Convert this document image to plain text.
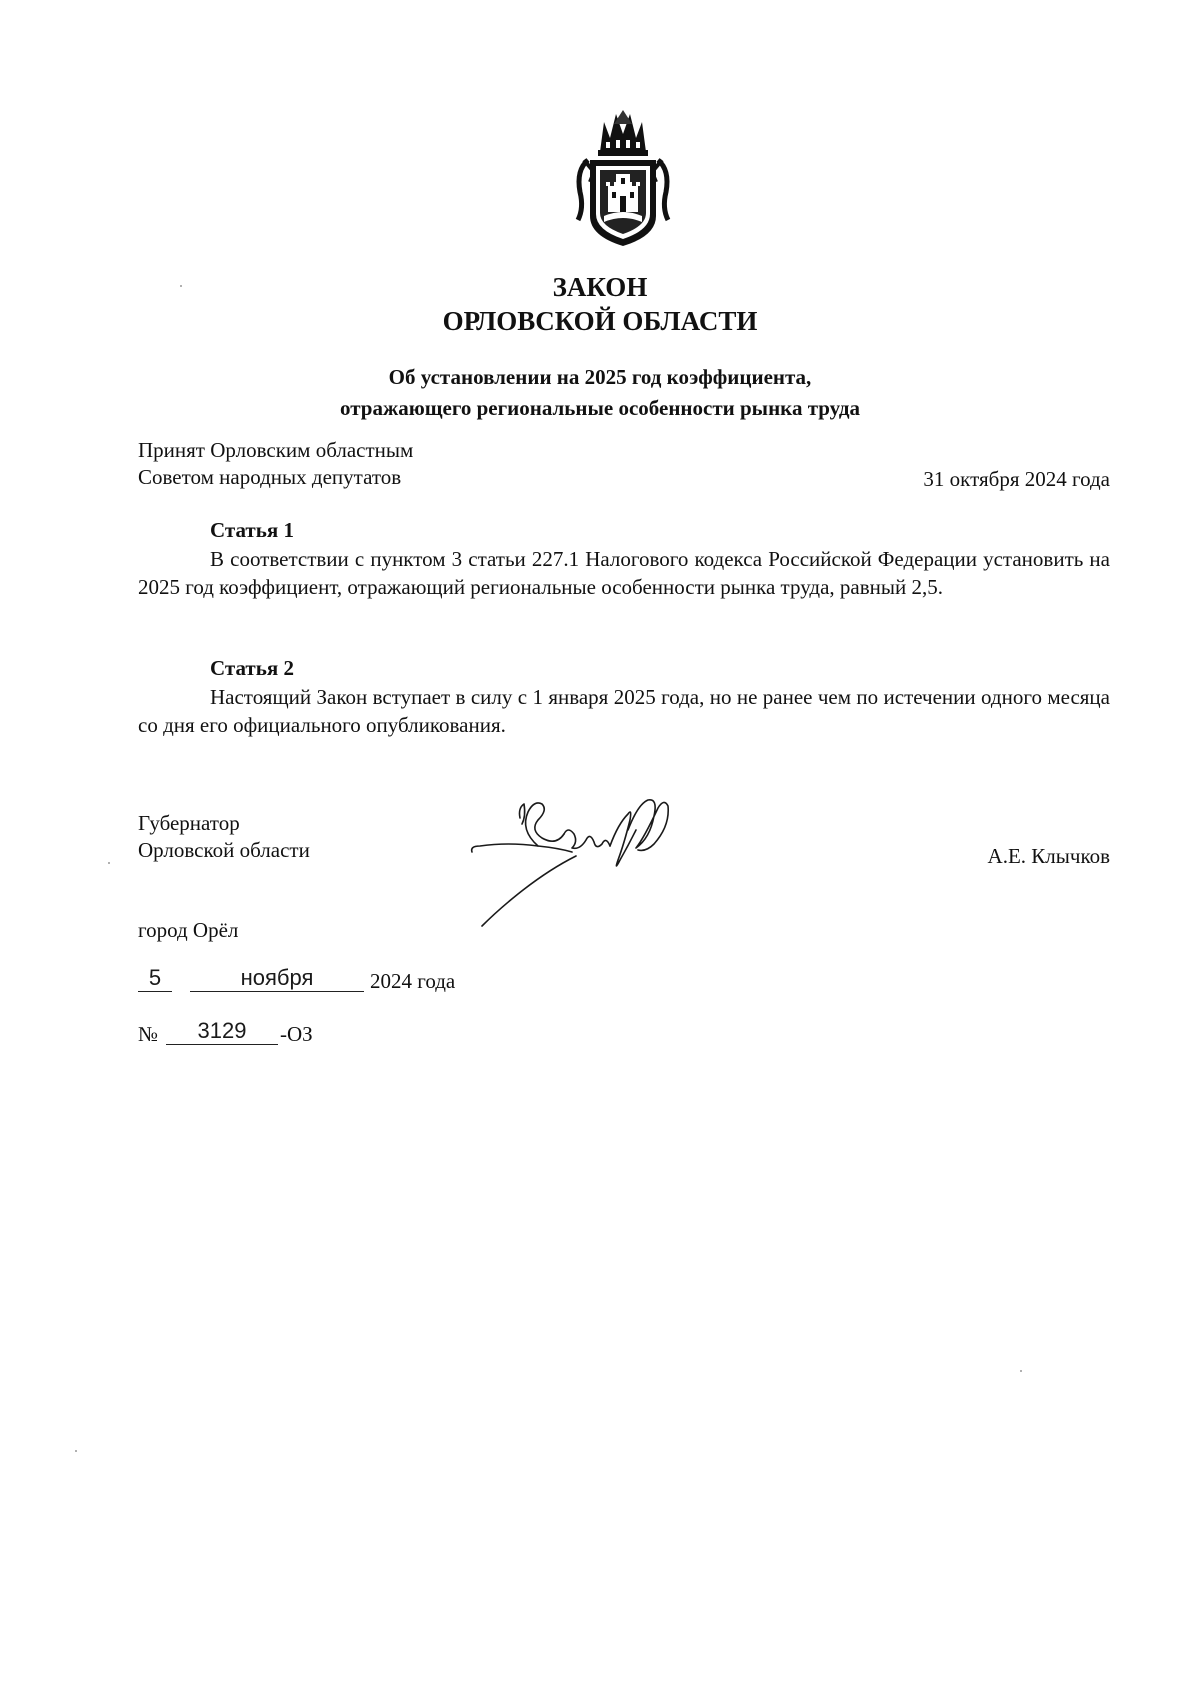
ЗАКОН
ОРЛОВСКОЙ ОБЛАСТИ
Об установлении на 2025 год коэффициента,
отражающего региональные особенности рынка труда
Принят Орловским областным
Советом народных депутатов	31 октября 2024 года
Статья 1
В соответствии с пунктом 3 статьи 227.1 Налогового кодекса Российской Федерации установить на 2025 год коэффициент, отражающий региональные особенности рынка труда, равный 2,5.
Статья 2
Настоящий Закон вступает в силу с 1 января 2025 года, но не ранее чем по истечении одного месяца со дня его официального опубликования.
Губернатор
Орловской области	А.Е. Клычков
город Орёл
5	ноября	2024 года
№	3129	-ОЗ
